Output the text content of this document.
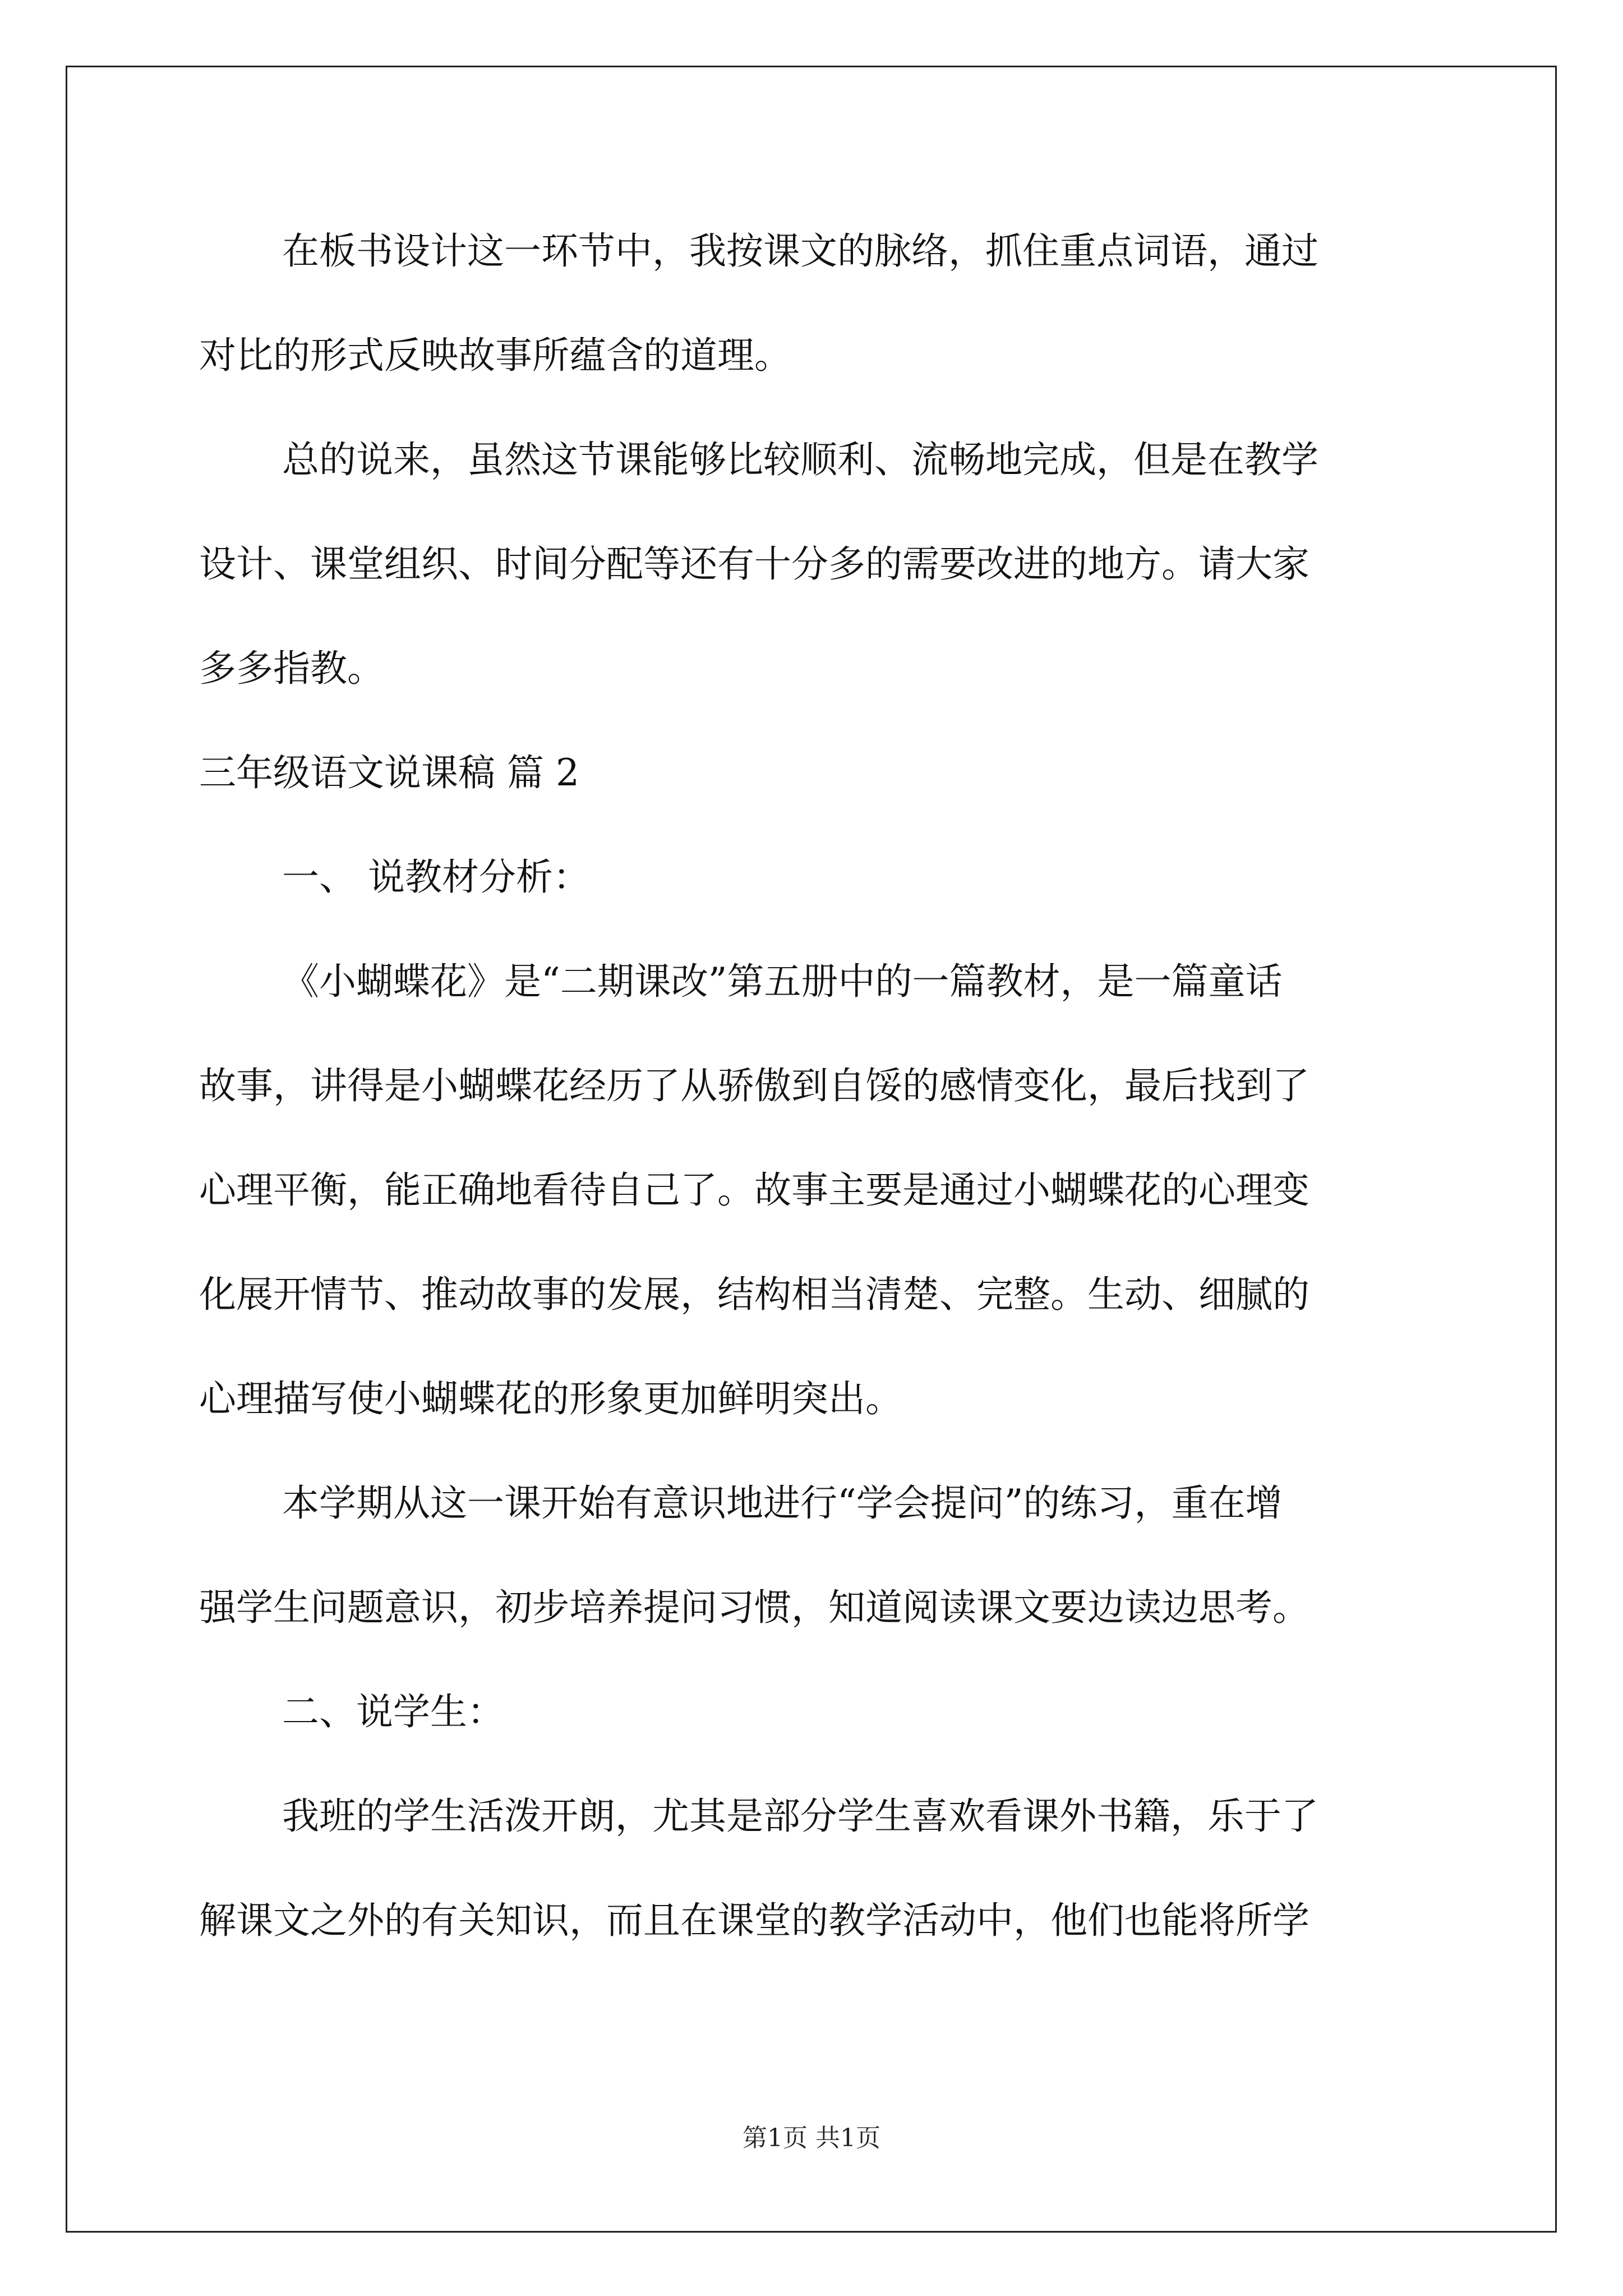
在板书设计这一环节中，我按课文的脉络，抓住重点词语，通过

对比的形式反映故事所蕴含的道理。

总的说来，虽然这节课能够比较顺利、流畅地完成，但是在教学

设计、课堂组织、时间分配等还有十分多的需要改进的地方。请大家

多多指教。

三年级语文说课稿 篇 2

一、 说教材分析：

《小蝴蝶花》是“二期课改”第五册中的一篇教材，是一篇童话

故事，讲得是小蝴蝶花经历了从骄傲到自馁的感情变化，最后找到了

心理平衡，能正确地看待自己了。故事主要是通过小蝴蝶花的心理变

化展开情节、推动故事的发展，结构相当清楚、完整。生动、细腻的

心理描写使小蝴蝶花的形象更加鲜明突出。

本学期从这一课开始有意识地进行“学会提问”的练习，重在增

强学生问题意识，初步培养提问习惯，知道阅读课文要边读边思考。

二、说学生：

我班的学生活泼开朗，尤其是部分学生喜欢看课外书籍，乐于了

解课文之外的有关知识，而且在课堂的教学活动中，他们也能将所学

第1页 共1页
